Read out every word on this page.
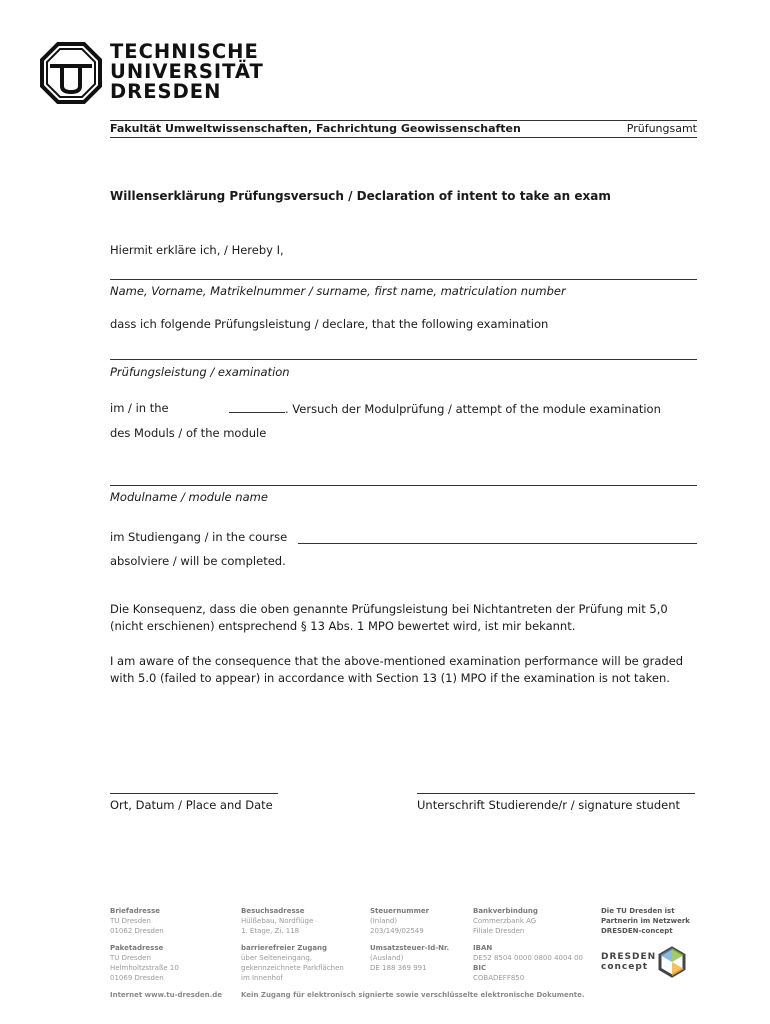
TECHNISCHE
UNIVERSITÄT
DRESDEN
Fakultät Umweltwissenschaften, Fachrichtung Geowissenschaften	Prüfungsamt
Willenserklärung Prüfungsversuch / Declaration of intent to take an exam
Hiermit erkläre ich, / Hereby I,
Name, Vorname, Matrikelnummer / surname, first name, matriculation number
dass ich folgende Prüfungsleistung / declare, that the following examination
Prüfungsleistung / examination
im / in the	. Versuch der Modulprüfung / attempt of the module examination
des Moduls / of the module
Modulname / module name
im Studiengang / in the course
absolviere / will be completed.
Die Konsequenz, dass die oben genannte Prüfungsleistung bei Nichtantreten der Prüfung mit 5,0 (nicht erschienen) entsprechend § 13 Abs. 1 MPO bewertet wird, ist mir bekannt.
I am aware of the consequence that the above-mentioned examination performance will be graded with 5.0 (failed to appear) in accordance with Section 13 (1) MPO if the examination is not taken.
Ort, Datum / Place and Date	Unterschrift Studierende/r / signature student
Briefadresse
TU Dresden
01062 Dresden
Paketadresse
TU Dresden
Helmholtzstraße 10
01069 Dresden
Besuchsadresse
Hülßebau, Nordflüge
1. Etage, Zi. 118
barrierefreier Zugang
über Seiteneingang,
gekennzeichnete Parkflächen
im Innenhof
Steuernummer
(Inland)
203/149/02549
Umsatzsteuer-Id-Nr.
(Ausland)
DE 188 369 991
Bankverbindung
Commerzbank AG
Filiale Dresden
IBAN
DE52 8504 0000 0800 4004 00
BIC
COBADEFF850
Die TU Dresden ist
Partnerin im Netzwerk
DRESDEN-concept
DRESDEN
concept
Internet www.tu-dresden.de	Kein Zugang für elektronisch signierte sowie verschlüsselte elektronische Dokumente.
